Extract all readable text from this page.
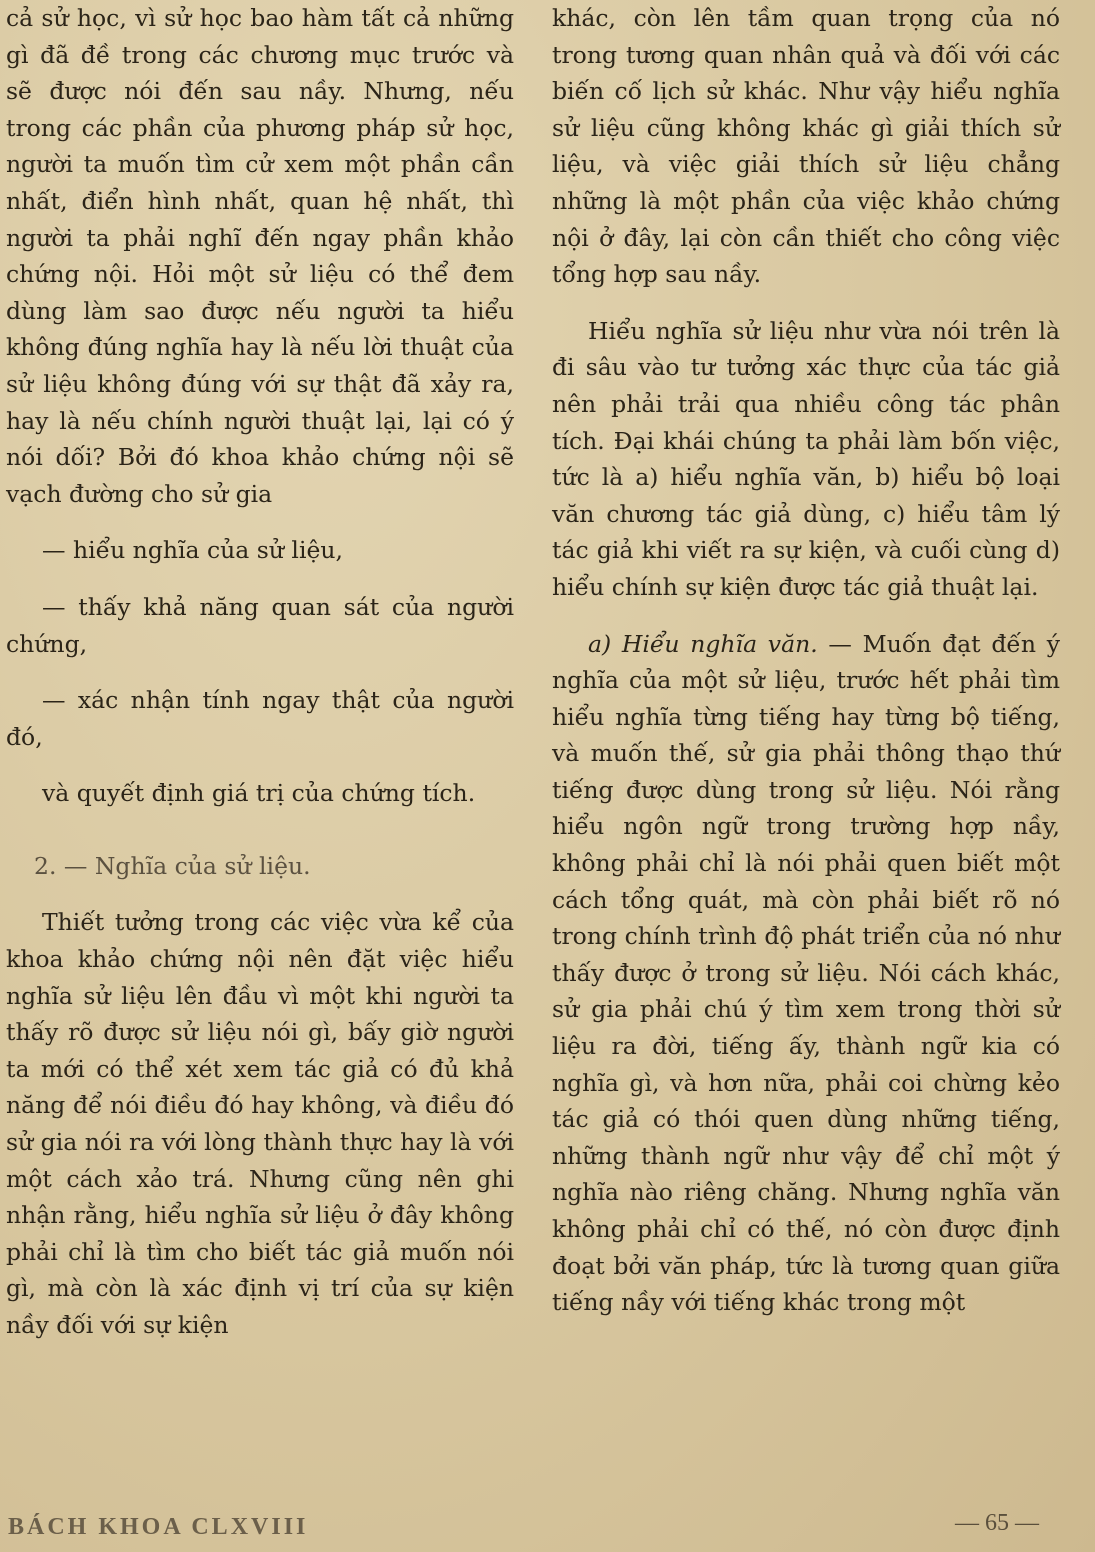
cả sử học, vì sử học bao hàm tất cả những gì đã đề trong các chương mục trước và sẽ được nói đến sau nầy. Nhưng, nếu trong các phần của phương pháp sử học, người ta muốn tìm cử xem một phần cần nhất, điển hình nhất, quan hệ nhất, thì người ta phải nghĩ đến ngay phần khảo chứng nội. Hỏi một sử liệu có thể đem dùng làm sao được nếu người ta hiểu không đúng nghĩa hay là nếu lời thuật của sử liệu không đúng với sự thật đã xảy ra, hay là nếu chính người thuật lại, lại có ý nói dối? Bởi đó khoa khảo chứng nội sẽ vạch đường cho sử gia

— hiểu nghĩa của sử liệu,

— thấy khả năng quan sát của người chứng,

— xác nhận tính ngay thật của người đó,

và quyết định giá trị của chứng tích.

2. — Nghĩa của sử liệu.

Thiết tưởng trong các việc vừa kể của khoa khảo chứng nội nên đặt việc hiểu nghĩa sử liệu lên đầu vì một khi người ta thấy rõ được sử liệu nói gì, bấy giờ người ta mới có thể xét xem tác giả có đủ khả năng để nói điều đó hay không, và điều đó sử gia nói ra với lòng thành thực hay là với một cách xảo trá. Nhưng cũng nên ghi nhận rằng, hiểu nghĩa sử liệu ở đây không phải chỉ là tìm cho biết tác giả muốn nói gì, mà còn là xác định vị trí của sự kiện nầy đối với sự kiện

khác, còn lên tầm quan trọng của nó trong tương quan nhân quả và đối với các biến cố lịch sử khác. Như vậy hiểu nghĩa sử liệu cũng không khác gì giải thích sử liệu, và việc giải thích sử liệu chẳng những là một phần của việc khảo chứng nội ở đây, lại còn cần thiết cho công việc tổng hợp sau nầy.

Hiểu nghĩa sử liệu như vừa nói trên là đi sâu vào tư tưởng xác thực của tác giả nên phải trải qua nhiều công tác phân tích. Đại khái chúng ta phải làm bốn việc, tức là a) hiểu nghĩa văn, b) hiểu bộ loại văn chương tác giả dùng, c) hiểu tâm lý tác giả khi viết ra sự kiện, và cuối cùng d) hiểu chính sự kiện được tác giả thuật lại.

a) Hiểu nghĩa văn. — Muốn đạt đến ý nghĩa của một sử liệu, trước hết phải tìm hiểu nghĩa từng tiếng hay từng bộ tiếng, và muốn thế, sử gia phải thông thạo thứ tiếng được dùng trong sử liệu. Nói rằng hiểu ngôn ngữ trong trường hợp nầy, không phải chỉ là nói phải quen biết một cách tổng quát, mà còn phải biết rõ nó trong chính trình độ phát triển của nó như thấy được ở trong sử liệu. Nói cách khác, sử gia phải chú ý tìm xem trong thời sử liệu ra đời, tiếng ấy, thành ngữ kia có nghĩa gì, và hơn nữa, phải coi chừng kẻo tác giả có thói quen dùng những tiếng, những thành ngữ như vậy để chỉ một ý nghĩa nào riêng chăng. Nhưng nghĩa văn không phải chỉ có thế, nó còn được định đoạt bởi văn pháp, tức là tương quan giữa tiếng nầy với tiếng khác trong một

BÁCH KHOA CLXVIII	— 65 —
